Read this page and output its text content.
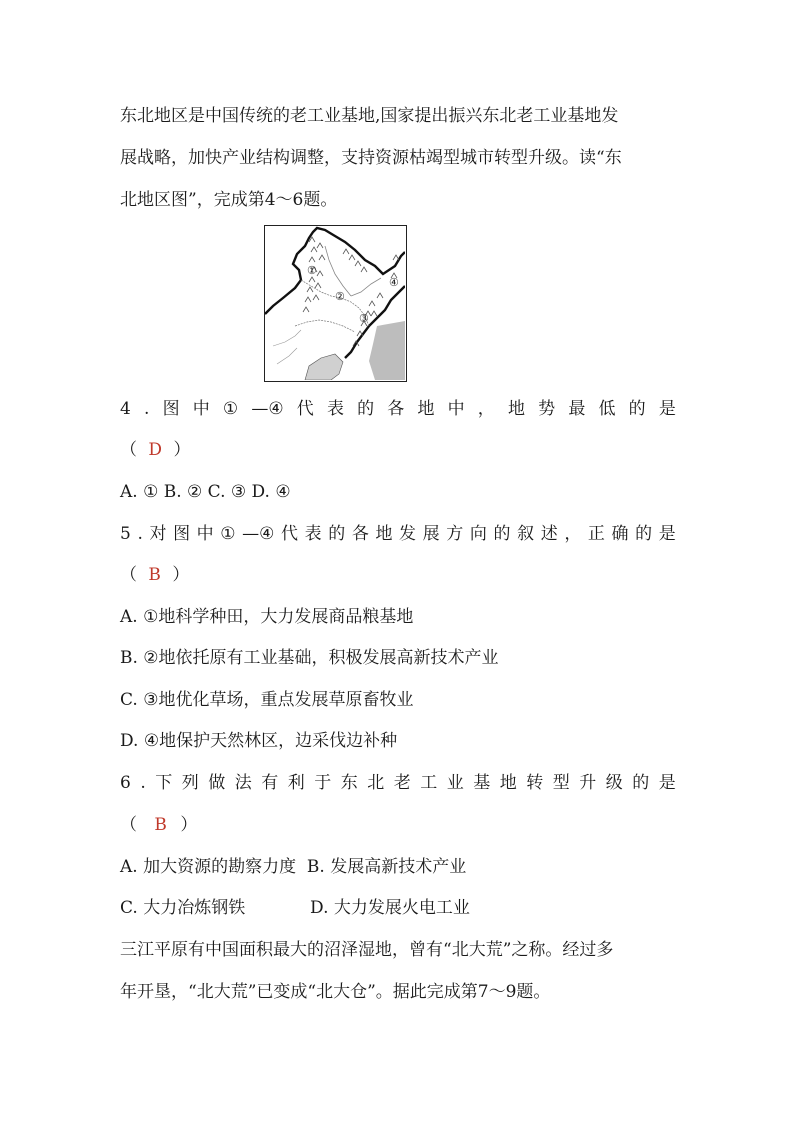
东北地区是中国传统的老工业基地,国家提出振兴东北老工业基地发
展战略，加快产业结构调整，支持资源枯竭型城市转型升级。读“东
北地区图”，完成第4～6题。
①
②
③
④
4 . 图 中 ① —④ 代 表 的 各 地 中 ， 地 势 最 低 的 是
（ D ）
A. ① B. ② C. ③ D. ④
5 . 对 图 中 ① —④ 代 表 的 各 地 发 展 方 向 的 叙 述 ， 正 确 的 是
（ B ）
A. ①地科学种田，大力发展商品粮基地
B. ②地依托原有工业基础，积极发展高新技术产业
C. ③地优化草场，重点发展草原畜牧业
D. ④地保护天然林区，边采伐边补种
6 . 下 列 做 法 有 利 于 东 北 老 工 业 基 地 转 型 升 级 的 是
（ B ）
A. 加大资源的勘察力度  B. 发展高新技术产业
C. 大力冶炼钢铁            D. 大力发展火电工业
三江平原有中国面积最大的沼泽湿地，曾有“北大荒”之称。经过多
年开垦，“北大荒”已变成“北大仓”。据此完成第7～9题。
